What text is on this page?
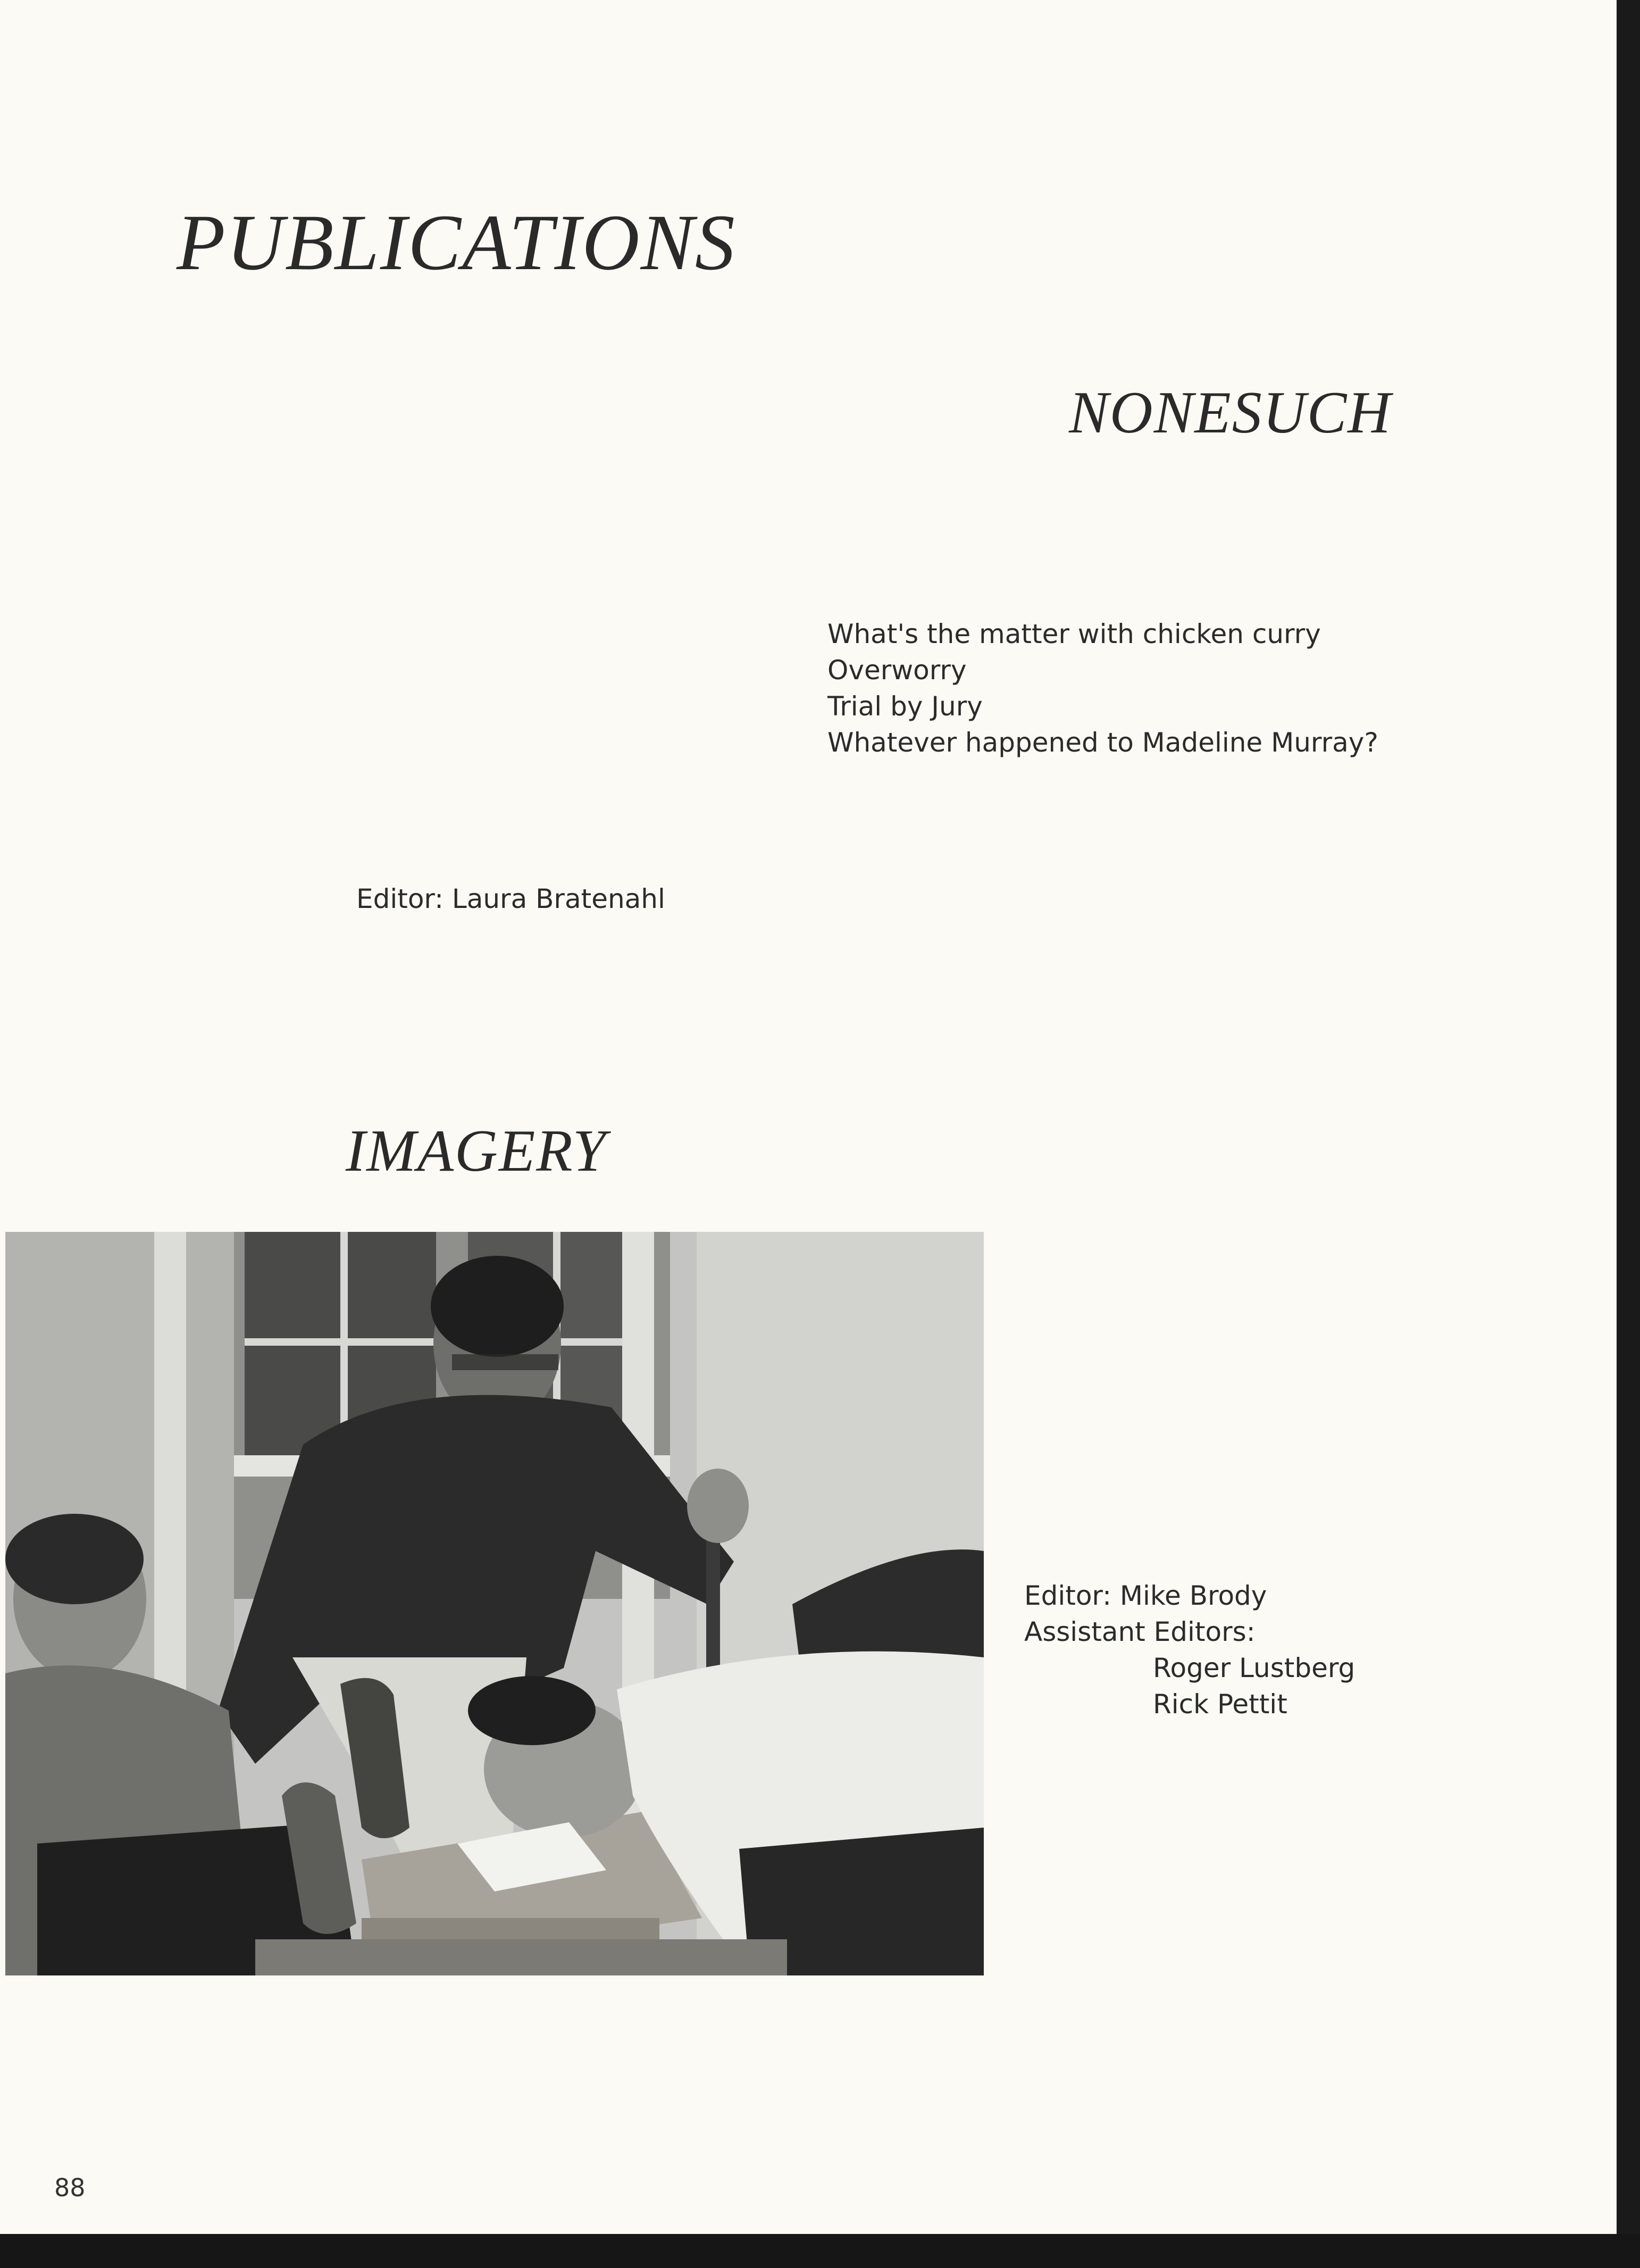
PUBLICATIONS
NONESUCH
What's the matter with chicken curry
Overworry
Trial by Jury
Whatever happened to Madeline Murray?
Editor: Laura Bratenahl
IMAGERY
Editor: Mike Brody
Assistant Editors:
Roger Lustberg
Rick Pettit
88
